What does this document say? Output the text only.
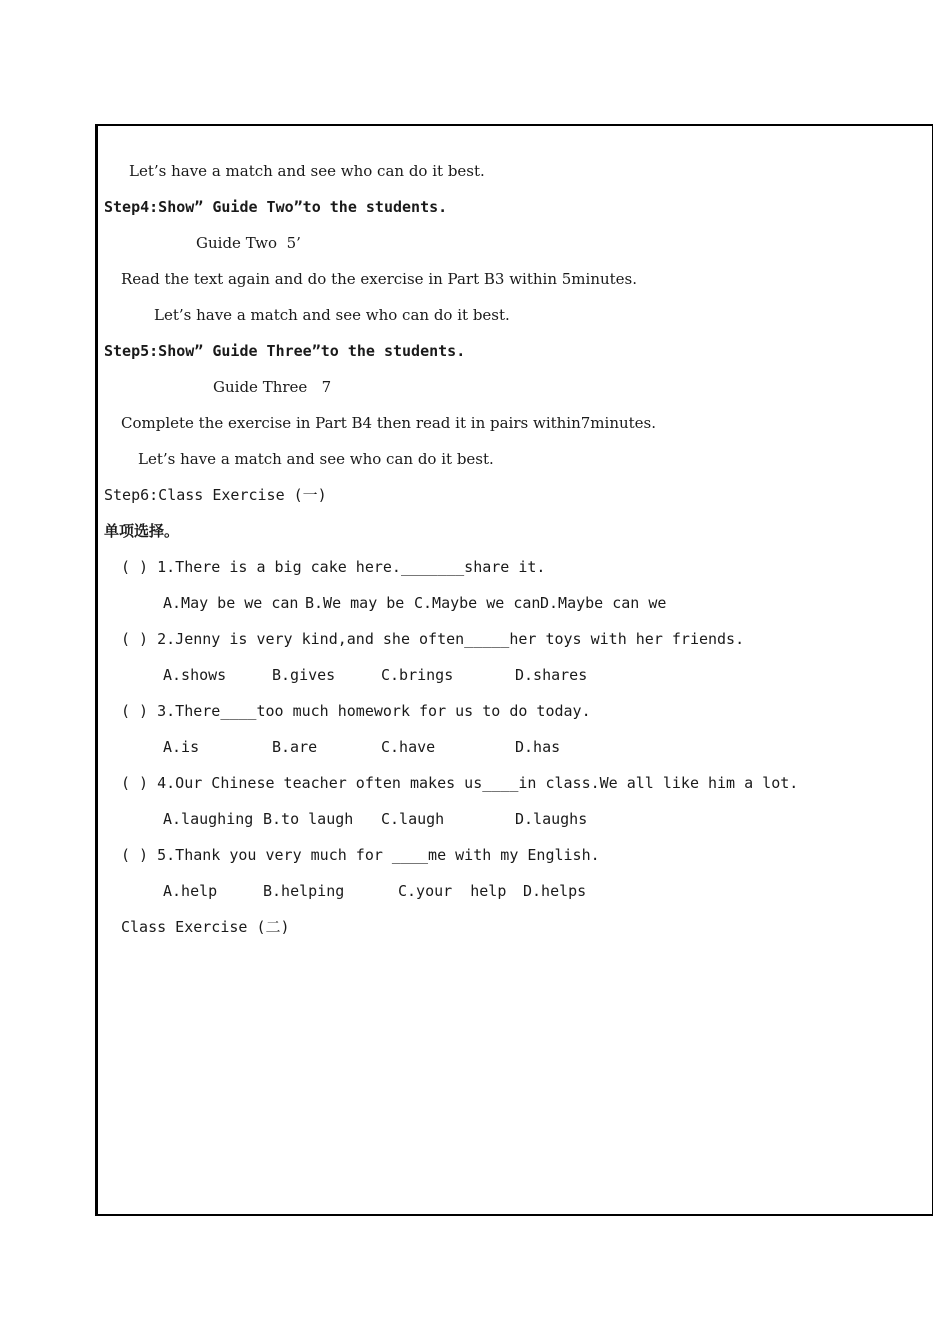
Let’s have a match and see who can do it best.
Step4:Show” Guide Two”to the students.
Guide Two  5’
Read the text again and do the exercise in Part B3 within 5minutes.
Let’s have a match and see who can do it best.
Step5:Show” Guide Three”to the students.
Guide Three   7
Complete the exercise in Part B4 then read it in pairs within7minutes.
Let’s have a match and see who can do it best.
Step6:Class Exercise (一)
单项选择。
( ) 1.There is a big cake here._______share it.
A.May be we can B.We may be C.Maybe we can D.Maybe can we
( ) 2.Jenny is very kind,and she often_____her toys with her friends.
A.shows	B.gives	C.brings	D.shares
( ) 3.There____too much homework for us to do today.
A.is	B.are	C.have	D.has
( ) 4.Our Chinese teacher often makes us____in class.We all like him a lot.
A.laughing B.to laugh C.laugh	D.laughs
( ) 5.Thank you very much for ____me with my English.
A.help	B.helping	C.your  help D.helps
Class Exercise (二)
